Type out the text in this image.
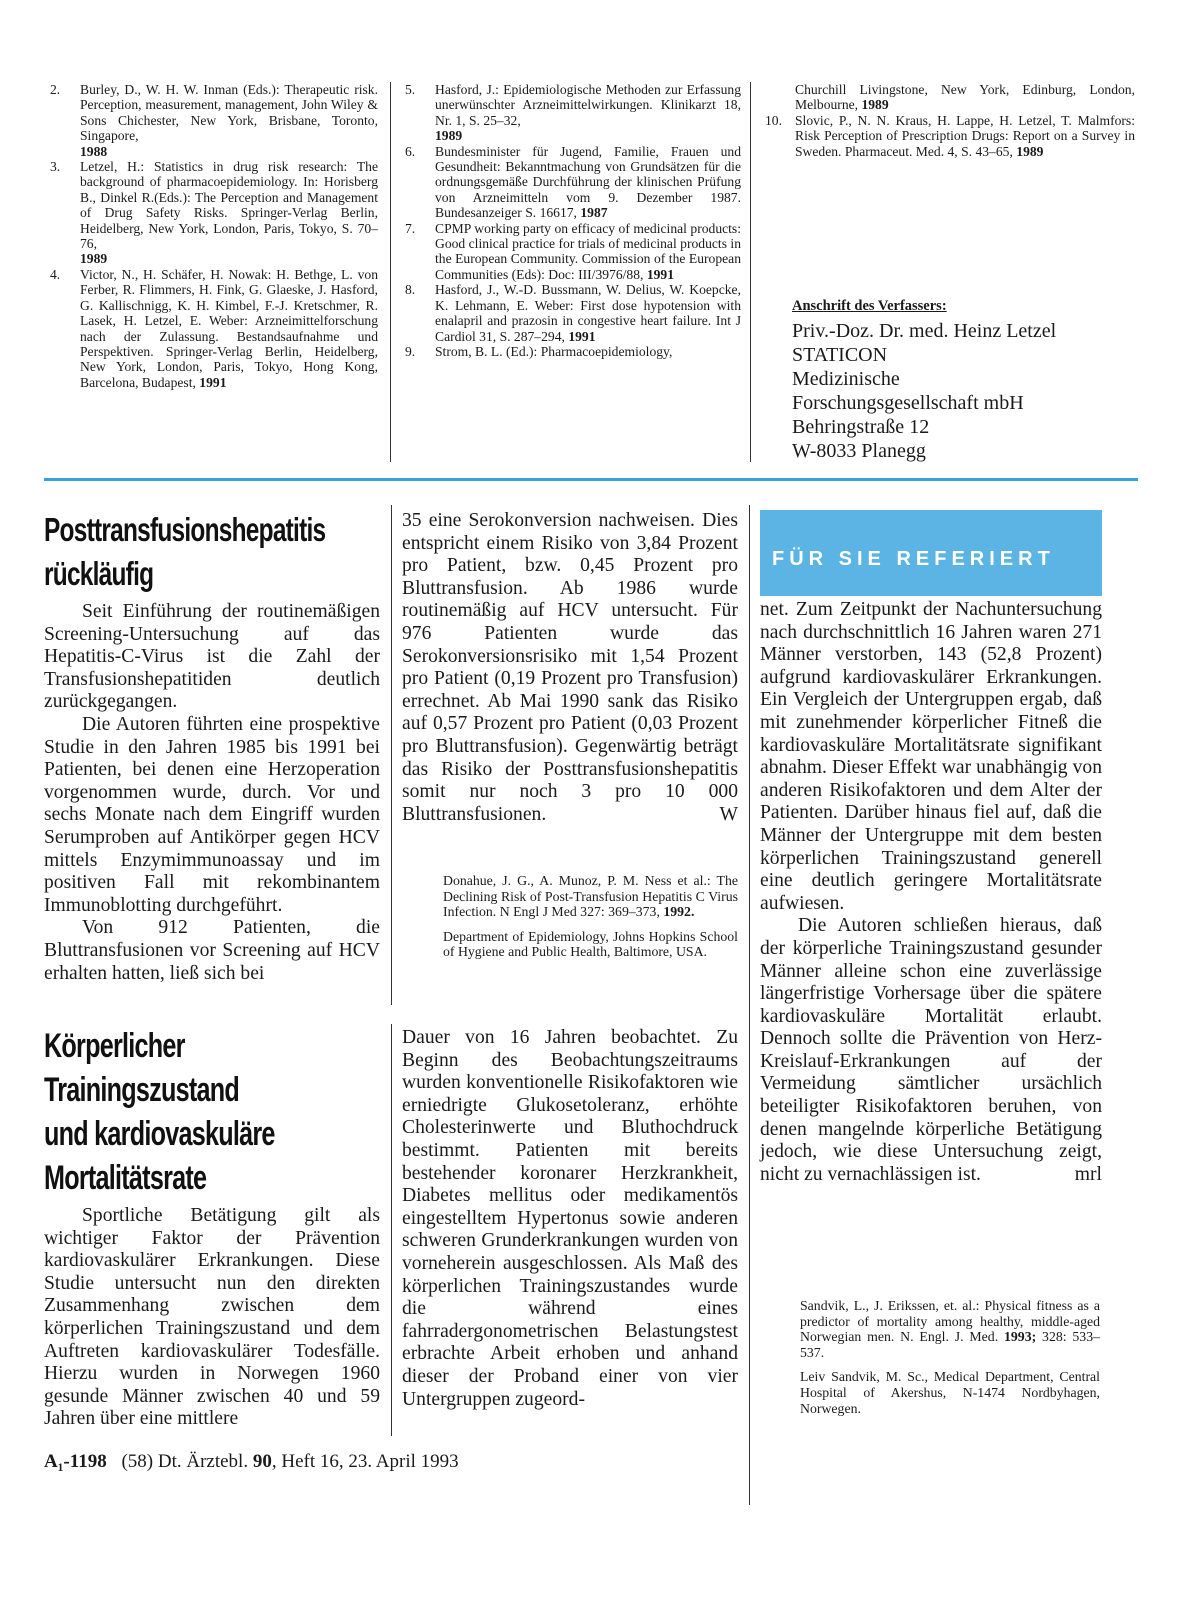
2. Burley, D., W. H. W. Inman (Eds.): Therapeutic risk. Perception, measurement, management, John Wiley & Sons Chichester, New York, Brisbane, Toronto, Singapore,
1988
3. Letzel, H.: Statistics in drug risk research: The background of pharmacoepidemiology. In: Horisberg B., Dinkel R.(Eds.): The Perception and Management of Drug Safety Risks. Springer-Verlag Berlin, Heidelberg, New York, London, Paris, Tokyo, S. 70–76,
1989
4. Victor, N., H. Schäfer, H. Nowak: H. Bethge, L. von Ferber, R. Flimmers, H. Fink, G. Glaeske, J. Hasford, G. Kallischnigg, K. H. Kimbel, F.-J. Kretschmer, R. Lasek, H. Letzel, E. Weber: Arzneimittelforschung nach der Zulassung. Bestandsaufnahme und Perspektiven. Springer-Verlag Berlin, Heidelberg, New York, London, Paris, Tokyo, Hong Kong, Barcelona, Budapest, 1991
5. Hasford, J.: Epidemiologische Methoden zur Erfassung unerwünschter Arzneimittelwirkungen. Klinikarzt 18, Nr. 1, S. 25–32,
1989
6. Bundesminister für Jugend, Familie, Frauen und Gesundheit: Bekanntmachung von Grundsätzen für die ordnungsgemäße Durchführung der klinischen Prüfung von Arzneimitteln vom 9. Dezember 1987. Bundesanzeiger S. 16617, 1987
7. CPMP working party on efficacy of medicinal products: Good clinical practice for trials of medicinal products in the European Community. Commission of the European Communities (Eds): Doc: III/3976/88, 1991
8. Hasford, J., W.-D. Bussmann, W. Delius, W. Koepcke, K. Lehmann, E. Weber: First dose hypotension with enalapril and prazosin in congestive heart failure. Int J Cardiol 31, S. 287–294, 1991
9. Strom, B. L. (Ed.): Pharmacoepidemiology,
Churchill Livingstone, New York, Edinburg, London, Melbourne, 1989
10. Slovic, P., N. N. Kraus, H. Lappe, H. Letzel, T. Malmfors: Risk Perception of Prescription Drugs: Report on a Survey in Sweden. Pharmaceut. Med. 4, S. 43–65, 1989

Anschrift des Verfassers:

Priv.-Doz. Dr. med. Heinz Letzel
STATICON
Medizinische
Forschungsgesellschaft mbH
Behringstraße 12
W-8033 Planegg
Posttransfusionshepatitis
rückläufig

Seit Einführung der routinemäßigen Screening-Untersuchung auf das Hepatitis-C-Virus ist die Zahl der Transfusionshepatitiden deutlich zurückgegangen.

Die Autoren führten eine prospektive Studie in den Jahren 1985 bis 1991 bei Patienten, bei denen eine Herzoperation vorgenommen wurde, durch. Vor und sechs Monate nach dem Eingriff wurden Serumproben auf Antikörper gegen HCV mittels Enzymimmunoassay und im positiven Fall mit rekombinantem Immunoblotting durchgeführt.

Von 912 Patienten, die Bluttransfusionen vor Screening auf HCV erhalten hatten, ließ sich bei

35 eine Serokonversion nachweisen. Dies entspricht einem Risiko von 3,84 Prozent pro Patient, bzw. 0,45 Prozent pro Bluttransfusion. Ab 1986 wurde routinemäßig auf HCV untersucht. Für 976 Patienten wurde das Serokonversionsrisiko mit 1,54 Prozent pro Patient (0,19 Prozent pro Transfusion) errechnet. Ab Mai 1990 sank das Risiko auf 0,57 Prozent pro Patient (0,03 Prozent pro Bluttransfusion). Gegenwärtig beträgt das Risiko der Posttransfusionshepatitis somit nur noch 3 pro 10 000 Bluttransfusionen.	W

Donahue, J. G., A. Munoz, P. M. Ness et al.: The Declining Risk of Post-Transfusion Hepatitis C Virus Infection. N Engl J Med 327: 369–373, 1992.

Department of Epidemiology, Johns Hopkins School of Hygiene and Public Health, Baltimore, USA.

FÜR SIE REFERIERT
Körperlicher
Trainingszustand
und kardiovaskuläre
Mortalitätsrate

Sportliche Betätigung gilt als wichtiger Faktor der Prävention kardiovaskulärer Erkrankungen. Diese Studie untersucht nun den direkten Zusammenhang zwischen dem körperlichen Trainingszustand und dem Auftreten kardiovaskulärer Todesfälle. Hierzu wurden in Norwegen 1960 gesunde Männer zwischen 40 und 59 Jahren über eine mittlere

Dauer von 16 Jahren beobachtet. Zu Beginn des Beobachtungszeitraums wurden konventionelle Risikofaktoren wie erniedrigte Glukosetoleranz, erhöhte Cholesterinwerte und Bluthochdruck bestimmt. Patienten mit bereits bestehender koronarer Herzkrankheit, Diabetes mellitus oder medikamentös eingestelltem Hypertonus sowie anderen schweren Grunderkrankungen wurden von vorneherein ausgeschlossen. Als Maß des körperlichen Trainingszustandes wurde die während eines fahrradergonometrischen Belastungstest erbrachte Arbeit erhoben und anhand dieser der Proband einer von vier Untergruppen zugeord-

net. Zum Zeitpunkt der Nachuntersuchung nach durchschnittlich 16 Jahren waren 271 Männer verstorben, 143 (52,8 Prozent) aufgrund kardiovaskulärer Erkrankungen. Ein Vergleich der Untergruppen ergab, daß mit zunehmender körperlicher Fitneß die kardiovaskuläre Mortalitätsrate signifikant abnahm. Dieser Effekt war unabhängig von anderen Risikofaktoren und dem Alter der Patienten. Darüber hinaus fiel auf, daß die Männer der Untergruppe mit dem besten körperlichen Trainingszustand generell eine deutlich geringere Mortalitätsrate aufwiesen.

Die Autoren schließen hieraus, daß der körperliche Trainingszustand gesunder Männer alleine schon eine zuverlässige längerfristige Vorhersage über die spätere kardiovaskuläre Mortalität erlaubt. Dennoch sollte die Prävention von Herz-Kreislauf-Erkrankungen auf der Vermeidung sämtlicher ursächlich beteiligter Risikofaktoren beruhen, von denen mangelnde körperliche Betätigung jedoch, wie diese Untersuchung zeigt, nicht zu vernachlässigen ist.	mrl

Sandvik, L., J. Erikssen, et. al.: Physical fitness as a predictor of mortality among healthy, middle-aged Norwegian men. N. Engl. J. Med. 1993; 328: 533–537.

Leiv Sandvik, M. Sc., Medical Department, Central Hospital of Akershus, N-1474 Nordbyhagen, Norwegen.

A₁-1198 (58) Dt. Ärztebl. 90, Heft 16, 23. April 1993
